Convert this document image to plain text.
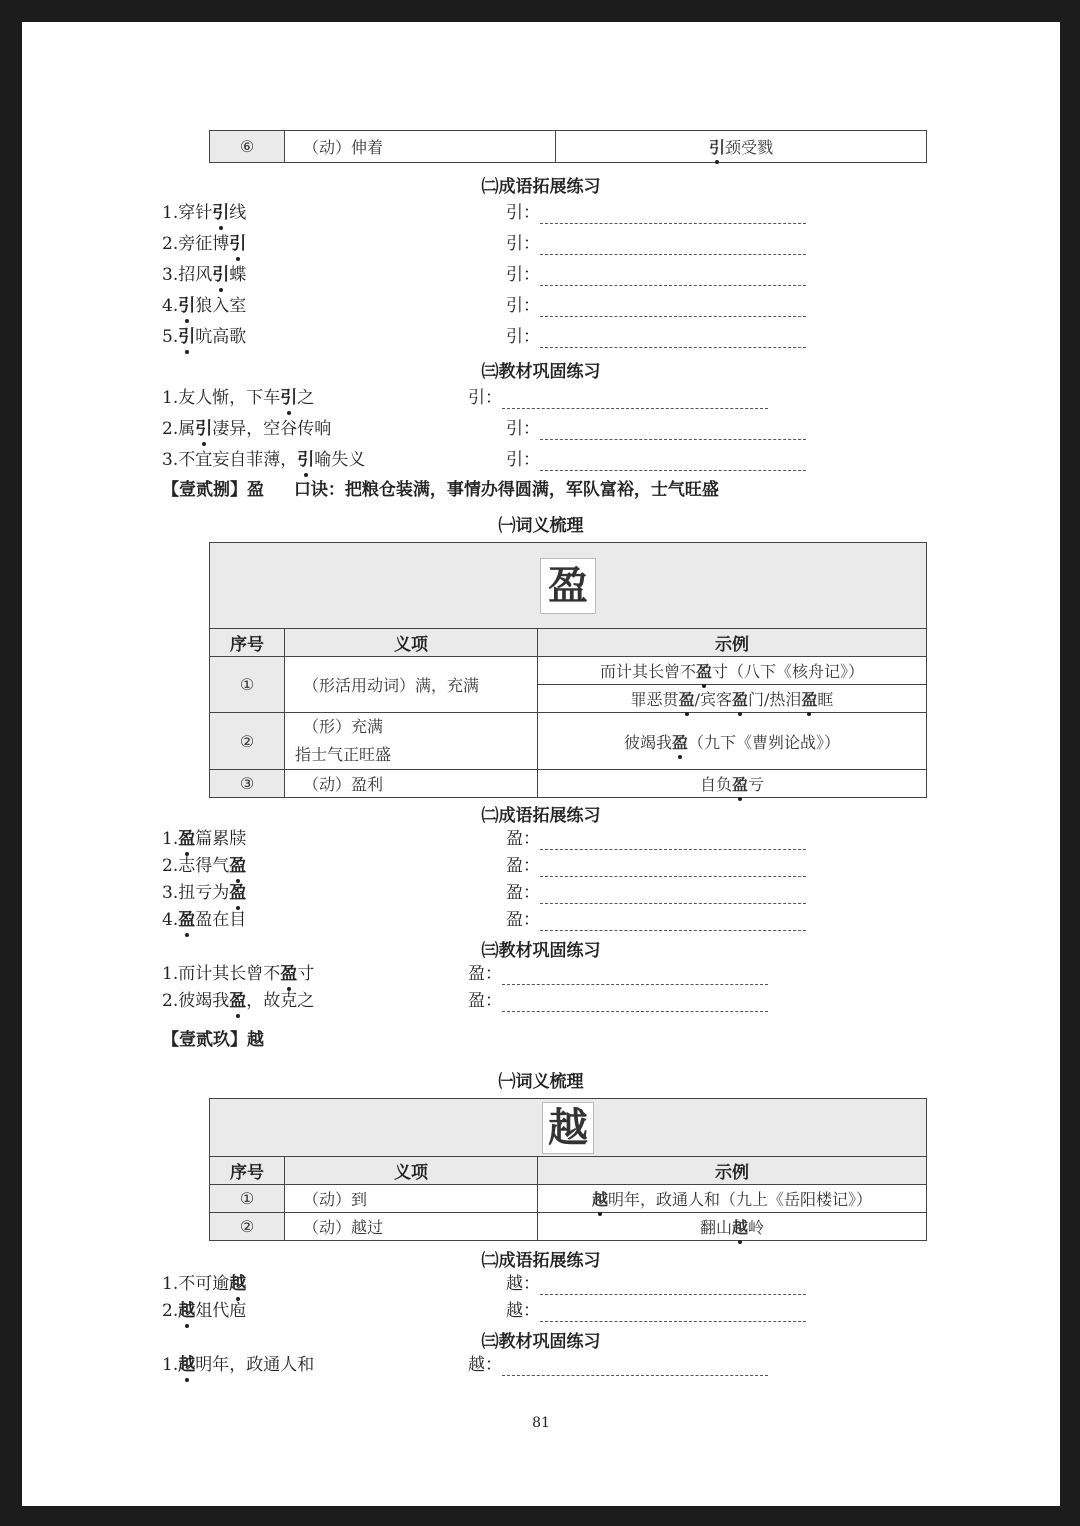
⑥	（动）伸着	引颈受戮
㈡成语拓展练习
1.穿针引线	引：
2.旁征博引	引：
3.招风引蝶	引：
4.引狼入室	引：
5.引吭高歌	引：
㈢教材巩固练习
1.友人惭，下车引之	引：
2.属引凄异，空谷传响	引：
3.不宜妄自菲薄，引喻失义	引：
【壹贰捌】盈 口诀：把粮仓装满，事情办得圆满，军队富裕，士气旺盛
㈠词义梳理
盈		
序号	义项	示例
①	（形活用动词）满，充满	而计其长曾不盈寸（八下《核舟记》）
		罪恶贯盈/宾客盈门/热泪盈眶
②	（形）充满
指士气正旺盛	彼竭我盈（九下《曹刿论战》）
③	（动）盈利	自负盈亏
㈡成语拓展练习
1.盈篇累牍	盈：
2.志得气盈	盈：
3.扭亏为盈	盈：
4.盈盈在目	盈：
㈢教材巩固练习
1.而计其长曾不盈寸	盈：
2.彼竭我盈，故克之	盈：
【壹贰玖】越
㈠词义梳理
越		
序号	义项	示例
①	（动）到	越明年，政通人和（九上《岳阳楼记》）
②	（动）越过	翻山越岭
㈡成语拓展练习
1.不可逾越	越：
2.越俎代庖	越：
㈢教材巩固练习
1.越明年，政通人和	越：
81
